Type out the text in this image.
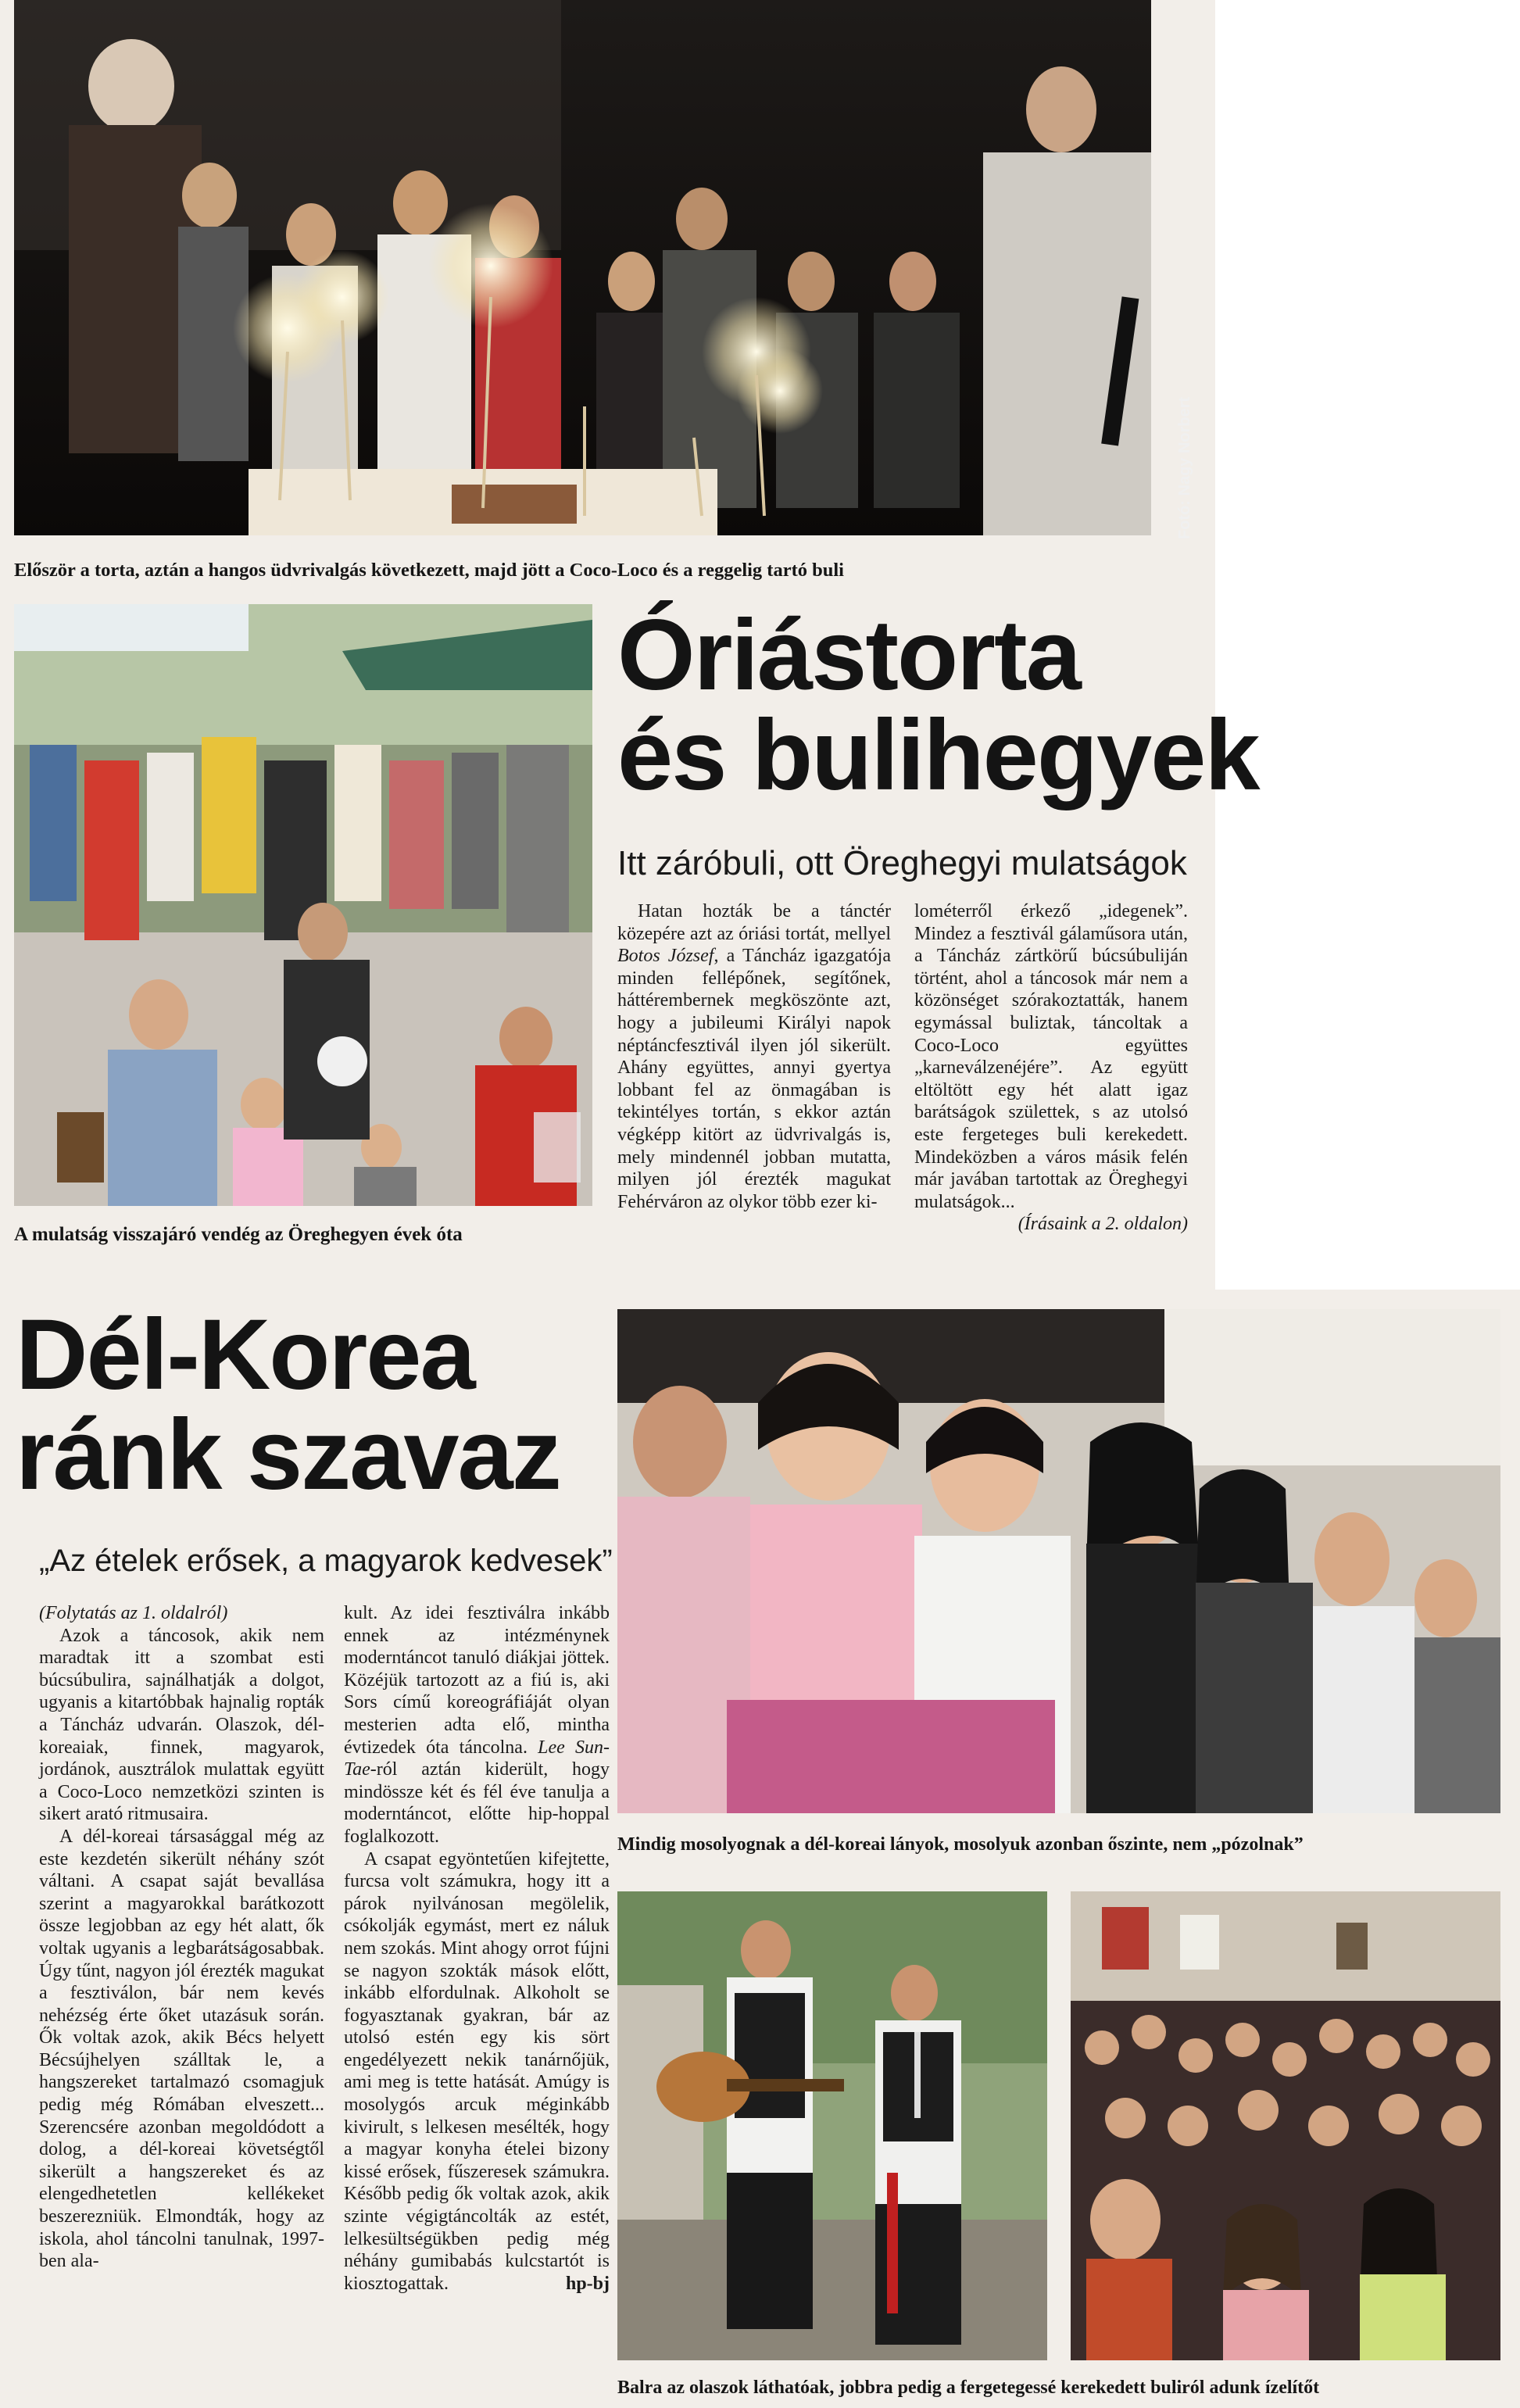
Fotó: Nagy Norbert
Először a torta, aztán a hangos üdvrivalgás következett, majd jött a Coco-Loco és a reggelig tartó buli
A mulatság visszajáró vendég az Öreghegyen évek óta
Óriástorta
és bulihegyek
Itt záróbuli, ott Öreghegyi mulatságok

Hatan hozták be a tánctér közepére azt az óriási tortát, mellyel Botos József, a Táncház igazgatója minden fellépőnek, segítőnek, háttérembernek megköszönte azt, hogy a jubileumi Királyi napok néptáncfesztivál ilyen jól sikerült. Ahány együttes, annyi gyertya lobbant fel az önmagában is tekintélyes tortán, s ekkor aztán végképp kitört az üdvrivalgás is, mely mindennél jobban mutatta, milyen jól érezték magukat Fehérváron az olykor több ezer ki-

lométerről érkező „idegenek”. Mindez a fesztivál gálaműsora után, a Táncház zártkörű búcsúbuliján történt, ahol a táncosok már nem a közönséget szórakoztatták, hanem egymással buliztak, táncoltak a Coco-Loco együttes „karneválzenéjére”. Az együtt eltöltött egy hét alatt igaz barátságok születtek, s az utolsó este fergeteges buli kerekedett. Mindeközben a város másik felén már javában tartottak az Öreghegyi mulatságok...

(Írásaink a 2. oldalon)

Dél-Korea
ránk szavaz
„Az ételek erősek, a magyarok kedvesek”

(Folytatás az 1. oldalról)

Azok a táncosok, akik nem maradtak itt a szombat esti búcsúbulira, sajnálhatják a dolgot, ugyanis a kitartóbbak hajnalig ropták a Táncház udvarán. Olaszok, dél-koreaiak, finnek, magyarok, jordánok, ausztrálok mulattak együtt a Coco-Loco nemzetközi szinten is sikert arató ritmusaira.

A dél-koreai társasággal még az este kezdetén sikerült néhány szót váltani. A csapat saját bevallása szerint a magyarokkal barátkozott össze legjobban az egy hét alatt, ők voltak ugyanis a legbarátságosabbak. Úgy tűnt, nagyon jól érezték magukat a fesztiválon, bár nem kevés nehézség érte őket utazásuk során. Ők voltak azok, akik Bécs helyett Bécsújhelyen szálltak le, a hangszereket tartalmazó csomagjuk pedig még Rómában elveszett... Szerencsére azonban megoldódott a dolog, a dél-koreai követségtől sikerült a hangszereket és az elengedhetetlen kellékeket beszerezniük. Elmondták, hogy az iskola, ahol táncolni tanulnak, 1997-ben ala-

kult. Az idei fesztiválra inkább ennek az intézménynek moderntáncot tanuló diákjai jöttek. Közéjük tartozott az a fiú is, aki Sors című koreográfiáját olyan mesterien adta elő, mintha évtizedek óta táncolna. Lee Sun-Tae-ról aztán kiderült, hogy mindössze két és fél éve tanulja a moderntáncot, előtte hip-hoppal foglalkozott.

A csapat egyöntetűen kifejtette, furcsa volt számukra, hogy itt a párok nyilvánosan megölelik, csókolják egymást, mert ez náluk nem szokás. Mint ahogy orrot fújni se nagyon szokták mások előtt, inkább elfordulnak. Alkoholt se fogyasztanak gyakran, bár az utolsó estén egy kis sört engedélyezett nekik tanárnőjük, ami meg is tette hatását. Amúgy is mosolygós arcuk méginkább kivirult, s lelkesen mesélték, hogy a magyar konyha ételei bizony kissé erősek, fűszeresek számukra. Később pedig ők voltak azok, akik szinte végigtáncolták az estét, lelkesültségükben pedig még néhány gumibabás kulcstartót is kiosztogattak.	hp-bj

Mindig mosolyognak a dél-koreai lányok, mosolyuk azonban őszinte, nem „pózolnak”
Balra az olaszok láthatóak, jobbra pedig a fergetegessé kerekedett buliról adunk ízelítőt
